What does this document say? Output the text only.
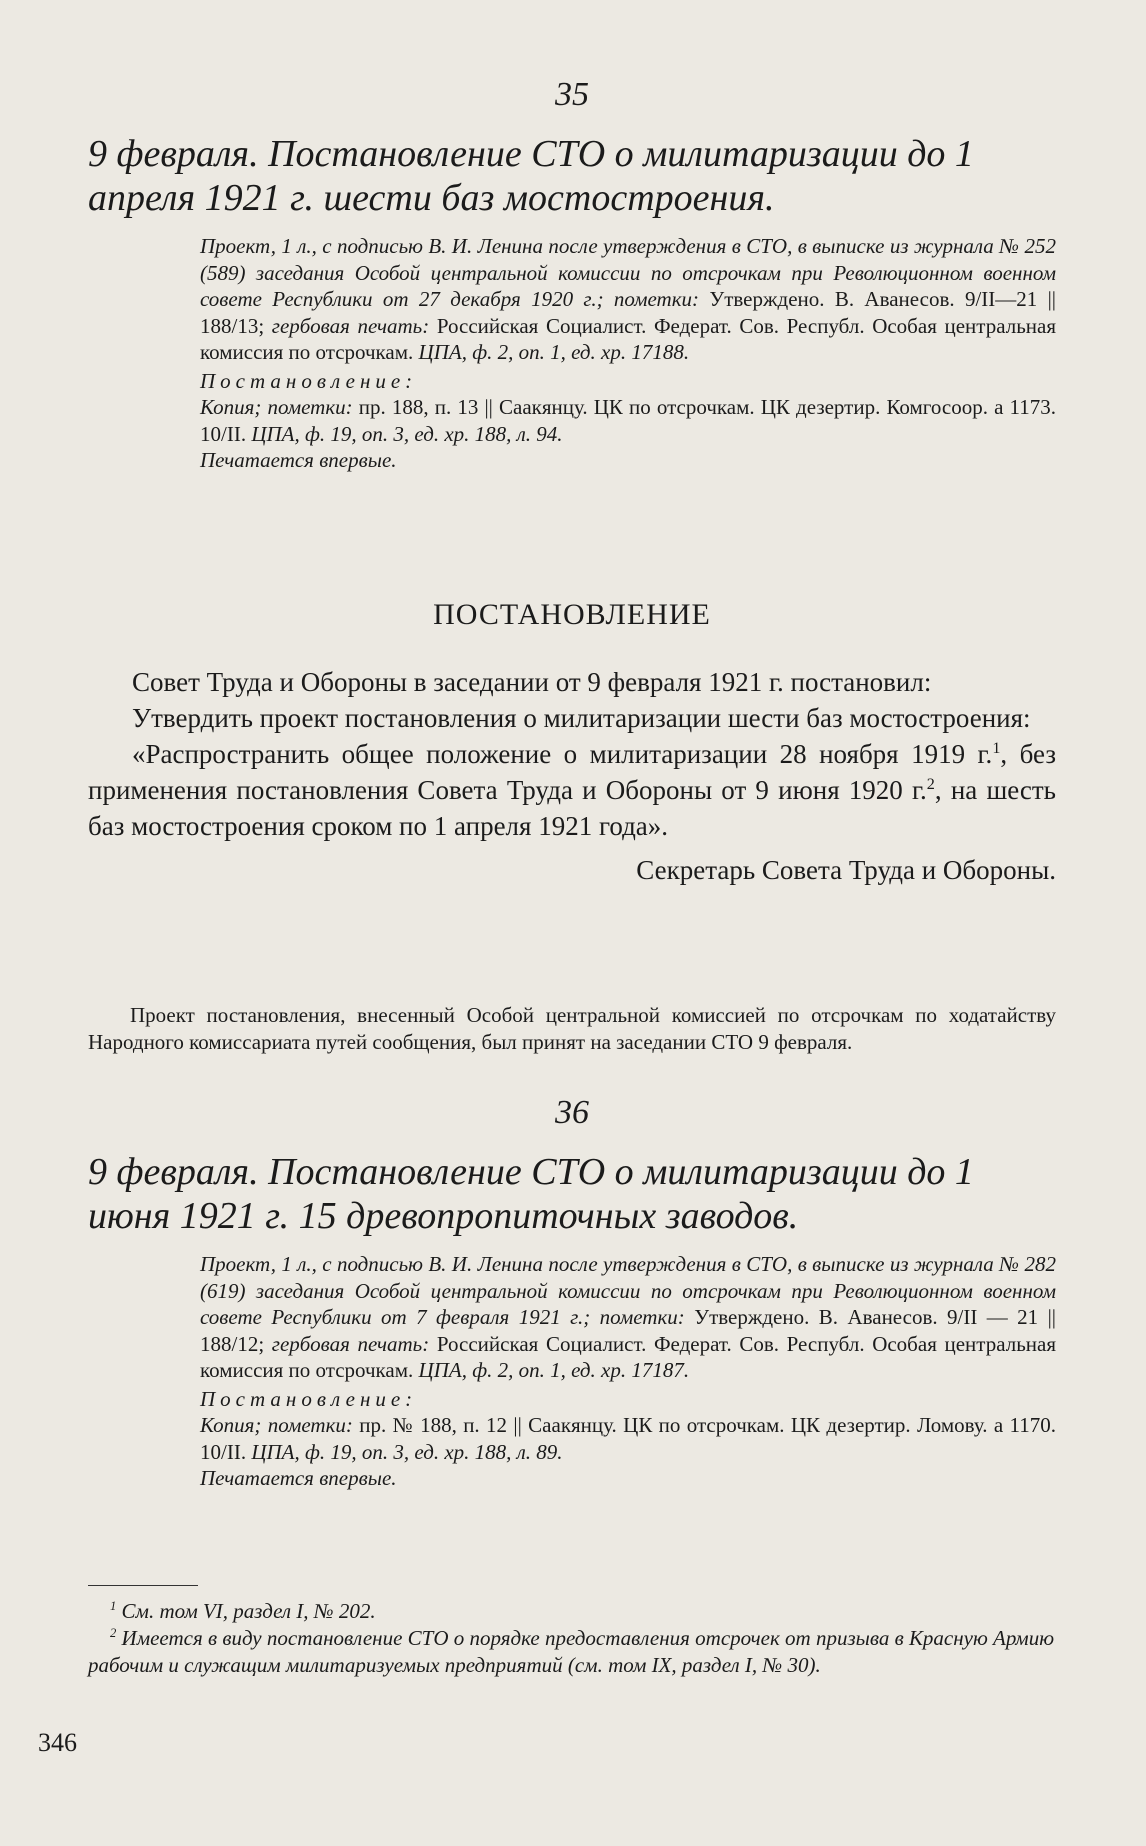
35
9 февраля. Постановление СТО о милитаризации до 1 апреля 1921 г. шести баз мостостроения.

Проект, 1 л., с подписью В. И. Ленина после утверждения в СТО, в выписке из журнала № 252 (589) заседания Особой центральной комиссии по отсрочкам при Революционном военном совете Республики от 27 декабря 1920 г.; пометки: Утверждено. В. Аванесов. 9/II—21 || 188/13; гербовая печать: Российская Социалист. Федерат. Сов. Республ. Особая центральная комиссия по отсрочкам. ЦПА, ф. 2, оп. 1, ед. хр. 17188.

Постановление:

Копия; пометки: пр. 188, п. 13 || Саакянцу. ЦК по отсрочкам. ЦК дезертир. Комгосоор. а 1173. 10/II. ЦПА, ф. 19, оп. 3, ед. хр. 188, л. 94.

Печатается впервые.

ПОСТАНОВЛЕНИЕ

Совет Труда и Обороны в заседании от 9 февраля 1921 г. постановил:

Утвердить проект постановления о милитаризации шести баз мостостроения:

«Распространить общее положение о милитаризации 28 ноября 1919 г.$^1$, без применения постановления Совета Труда и Обороны от 9 июня 1920 г.$^2$, на шесть баз мостостроения сроком по 1 апреля 1921 года».

Секретарь Совета Труда и Обороны.

Проект постановления, внесенный Особой центральной комиссией по отсрочкам по ходатайству Народного комиссариата путей сообщения, был принят на заседании СТО 9 февраля.
36
9 февраля. Постановление СТО о милитаризации до 1 июня 1921 г. 15 древопропиточных заводов.

Проект, 1 л., с подписью В. И. Ленина после утверждения в СТО, в выписке из журнала № 282 (619) заседания Особой центральной комиссии по отсрочкам при Революционном военном совете Республики от 7 февраля 1921 г.; пометки: Утверждено. В. Аванесов. 9/II — 21 || 188/12; гербовая печать: Российская Социалист. Федерат. Сов. Республ. Особая центральная комиссия по отсрочкам. ЦПА, ф. 2, оп. 1, ед. хр. 17187.

Постановление:

Копия; пометки: пр. № 188, п. 12 || Саакянцу. ЦК по отсрочкам. ЦК дезертир. Ломову. а 1170. 10/II. ЦПА, ф. 19, оп. 3, ед. хр. 188, л. 89.

Печатается впервые.

$^1$ См. том VI, раздел I, № 202.

$^2$ Имеется в виду постановление СТО о порядке предоставления отсрочек от призыва в Красную Армию рабочим и служащим милитаризуемых предприятий (см. том IX, раздел I, № 30).

346
